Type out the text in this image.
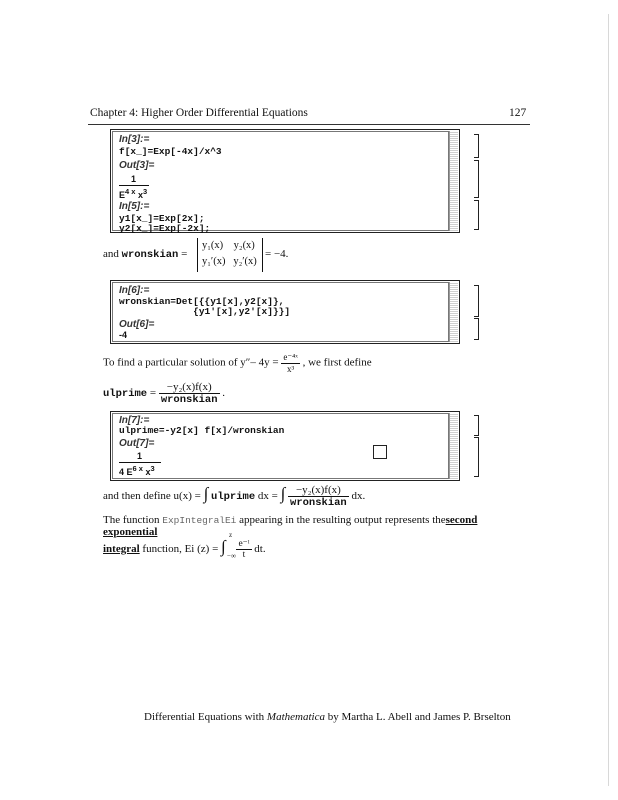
Chapter 4: Higher Order Differential Equations	127
In[3]:=
f[x_]=Exp[-4x]/x^3
Out[3]=
1
$E^{4 x}$ $x^3$
In[5]:=
y1[x_]=Exp[2x];
y2[x_]=Exp[-2x];
and wronskian =
y₁(x)    y₂(x)
y₁′(x)   y₂′(x)
= −4.
In[6]:=
wronskian=Det[{{y1[x],y2[x]},
{y1'[x],y2'[x]}}]
Out[6]=
-4
To find a particular solution of y″– $4y = \frac{\text{e⁻⁴ˣ}}{\text{x³}}$ , we first define
ulprime = $\frac{\text{−y₂(x)f(x)}}{\text{wronskian}}$ .
In[7]:=
ulprime=-y2[x] f[x]/wronskian
Out[7]=
1
4 $E^{6 x}$ $x^3$
and then define u(x) = ∫ ulprime dx = ∫ $\frac{\text{−y₂(x)f(x)}}{\text{wronskian}}$ dx.
The function ExpIntegralEi appearing in the resulting output represents thesecond exponential
integral function, Ei (z) = ∫
z
−∞
$\frac{\text{e⁻ᵗ}}{t}$ dt.
Differential Equations with Mathematica by Martha L. Abell and James P. Brselton
